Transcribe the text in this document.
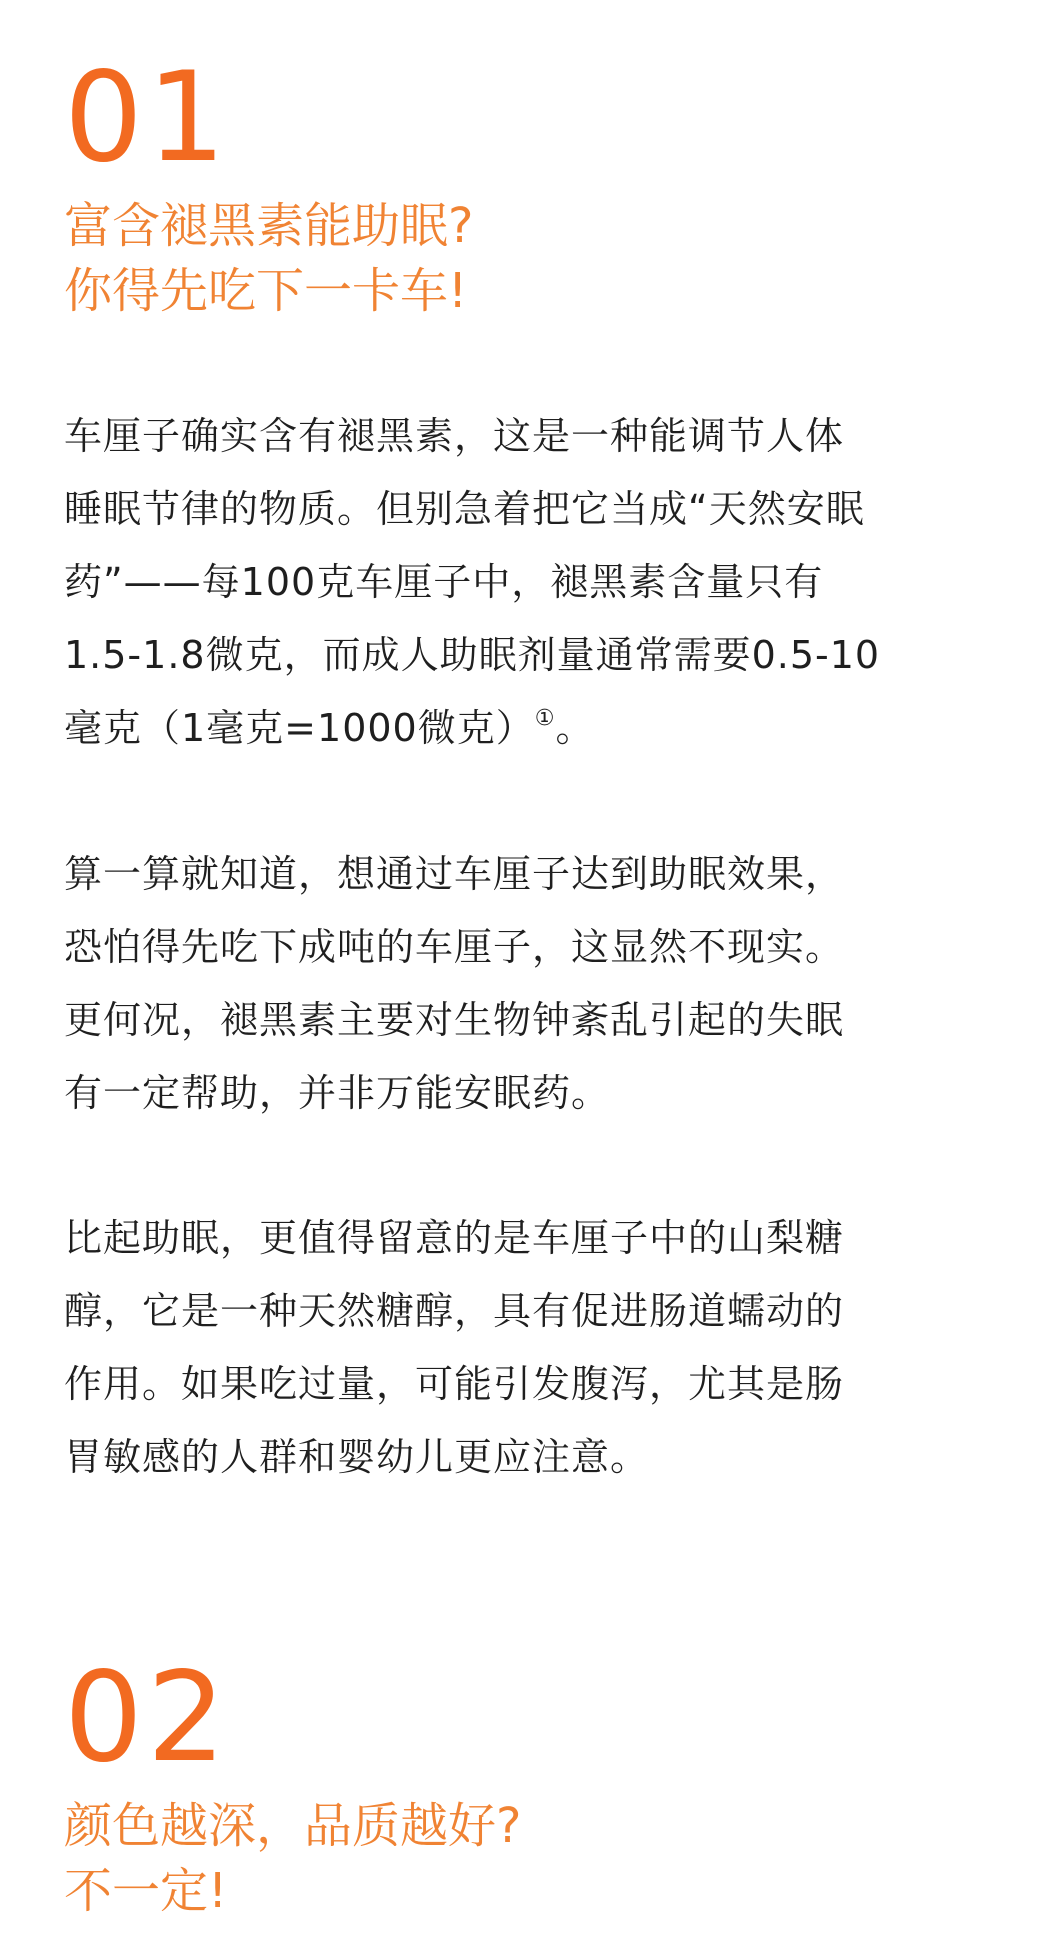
01
富含褪黑素能助眠?
你得先吃下一卡车!

车厘子确实含有褪黑素，这是一种能调节人体
睡眠节律的物质。但别急着把它当成“天然安眠
药”——每100克车厘子中，褪黑素含量只有
1.5-1.8微克，而成人助眠剂量通常需要0.5-10
毫克（1毫克=1000微克）①。

算一算就知道，想通过车厘子达到助眠效果，
恐怕得先吃下成吨的车厘子，这显然不现实。
更何况，褪黑素主要对生物钟紊乱引起的失眠
有一定帮助，并非万能安眠药。

比起助眠，更值得留意的是车厘子中的山梨糖
醇，它是一种天然糖醇，具有促进肠道蠕动的
作用。如果吃过量，可能引发腹泻，尤其是肠
胃敏感的人群和婴幼儿更应注意。

02
颜色越深，品质越好?
不一定!
